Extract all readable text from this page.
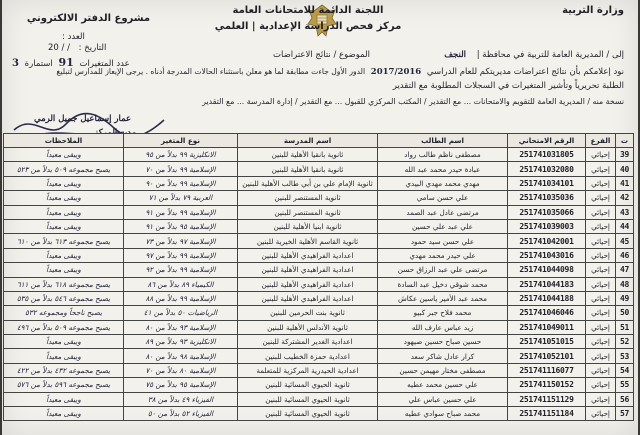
وزارة التربية
اللجنة الدائمة للامتحانات العامة
مركز فحص الدراسة الإعدادية | العلمي
مشروع الدفتر الالكتروني
العدد :
التاريخ : / / 20
إلى / المديرية العامة للتربية في محافظة | النجف
الموضوع / نتائج الاعتراضات
عدد المتغيرات 91 استمارة 3
نود إعلامكم بأن نتائج اعتراضات مديريتكم للعام الدراسي 2017/2016 الدور الأول جاءت مطابقة لما هو معلن باستثناء الحالات المدرجة أدناه . يرجى الإيعاز للمدارس لتبليغ
الطلبة تحريرياً وتأشير المتغيرات في السجلات المطلوبة مع التقدير
نسخة منه / المديرية العامة للتقويم والامتحانات ... مع التقدير / المكتب المركزي للقبول ... مع التقدير / إدارة المدرسة ... مع التقدير
عمار إسماعيل جميل الرمي
ت	الفرع	الرقم الامتحاني	اسم الطالب	اسم المدرسة	نوع المتغير	الملاحظات
39	إحيائي	251741031805	مصطفى ناظم طالب رواد	ثانوية بانقيا الأهلية للبنين	الانكليزية ٩٩ بدلاً من ٩٥	ويبقى معيداً
40	إحيائي	251741032080	عبادة حيدر محمد عبد الله	ثانوية بانقيا الأهلية للبنين	الإسلامية ٩٩ بدلاً من ٧٠	يصبح مجموعه ٥٠٩ بدلاً من ٥٢٣
41	إحيائي	251741034101	مهدي محمد مهدي البيدي	ثانوية الإمام علي بن أبي طالب الأهلية للبنين	الإسلامية ٩٩ بدلاً من ٩٠	ويبقى معيداً
42	إحيائي	251741035036	علي حسن سامي	ثانوية المستنصر للبنين	العربية ٧٩ بدلاً من ٧١	ويبقى معيداً
43	إحيائي	251741035066	مرتضى عادل عبد الصمد	ثانوية المستنصر للبنين	الإسلامية ٩٩ بدلاً من ٩١	ويبقى معيداً
44	إحيائي	251741039003	علي عبد علي حسين	ثانوية ابنيا الأهلية للبنين	الإسلامية ٩٥ بدلاً من ٩١	ويبقى معيداً
45	إحيائي	251741042001	علي حسن سيد حمود	ثانوية القاسم الأهلية الخيرية للبنين	الإسلامية ٩٧ بدلاً من ٧٣	يصبح مجموعه ٦١٣ بدلاً من ٦١٠
46	إحيائي	251741043016	علي حيدر محمد مهدي	اعدادية الفراهيدي الأهلية للبنين	الإسلامية ٩٩ بدلاً من ٩٧	ويبقى معيداً
47	إحيائي	251741044098	مرتضى علي عبد الرزاق حسن	اعدادية الفراهيدي الأهلية للبنين	الإسلامية ٩٩ بدلاً من ٩٢	ويبقى معيداً
48	إحيائي	251741044183	محمد شوقي دخيل عبد السادة	اعدادية الفراهيدي الأهلية للبنين	الكيمياء ٨٩ بدلاً من ٨٦	يصبح مجموعه ٦١٨ بدلاً من ٦١١
49	إحيائي	251741044188	محمد عبد الأمير ياسين عكاش	اعدادية الفراهيدي الأهلية للبنين	الإسلامية ٩٩ بدلاً من ٨٨	يصبح مجموعه ٥٤٦ بدلاً من ٥٣٥
50	إحيائي	251741046046	محمد فلاح جبر كبيو	ثانوية بنت الحرمين للبنين	الرياضيات ٥٠ بدلاً من ٤١	يصبح ناجحاً ومجموعه ٥٣٢
51	إحيائي	251741049011	زيد عباس عارف الله	ثانوية الأندلس الأهلية للبنين	الإسلامية ٩٣ بدلاً من ٨٠	يصبح مجموعه ٥٠٩ بدلاً من ٤٩٦
52	إحيائي	251741051015	حسين صباح حسين صيهود	اعدادية الغدير المشتركة للبنين	الانكليزية ٩٣ بدلاً من ٨٩	ويبقى معيداً
53	إحيائي	251741052101	كرار عادل شاكر سعد	اعدادية حمزة الخطيب للبنين	الإسلامية ٩٨ بدلاً من ٨٠	ويبقى معيداً
54	إحيائي	251741116077	مصطفى مختار مهيمن حسين	اعدادية الحيدرية المركزية للمتعلمة	الإسلامية ٨٠ بدلاً من ٧٠	يصبح مجموعه ٤٣٢ بدلاً من ٤٢٢
55	إحيائي	251741150152	علي حسين محمد عطيه	ثانوية الحيوي المسائية للبنين	الإسلامية ٩٥ بدلاً من ٧٥	يصبح مجموعه ٥٩٦ بدلاً من ٥٧٦
56	إحيائي	251741151129	علي حسين عباس علي	ثانوية الحيوي المسائية للبنين	الفيزياء ٤٩ بدلاً من ٣٨	ويبقى معيداً
57	إحيائي	251741151184	محمد صباح سوادي عطيه	ثانوية الحيوي المسائية للبنين	الفيزياء ٥٢ بدلاً من ٥٠	ويبقى معيداً
